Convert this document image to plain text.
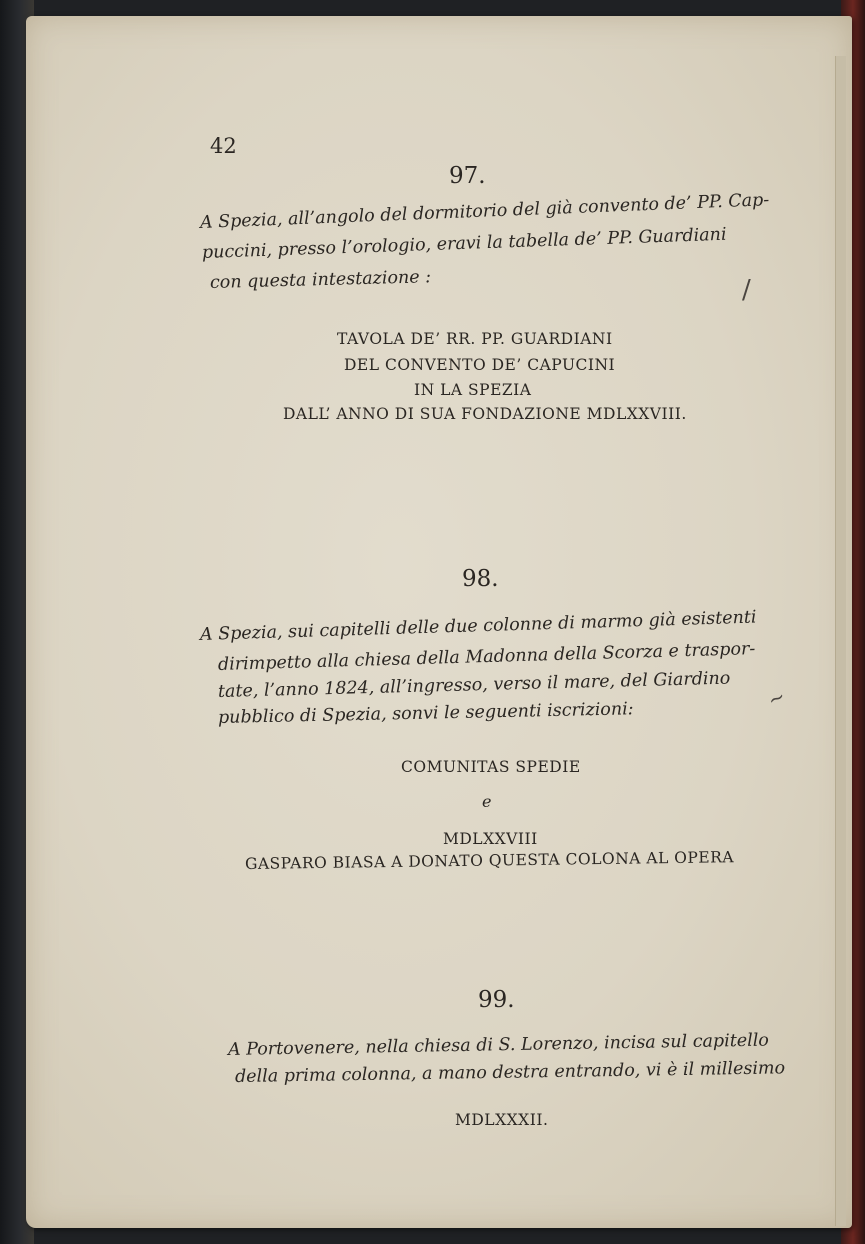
42
97.
A Spezia, all’angolo del dormitorio del già convento de’ PP. Cap-
puccini, presso l’orologio, eravi la tabella de’ PP. Guardiani
con questa intestazione :	/
TAVOLA DE’ RR. PP. GUARDIANI
DEL CONVENTO DE’ CAPUCINI
IN LA SPEZIA
DALL’ ANNO DI SUA FONDAZIONE MDLXXVIII.
98.
A Spezia, sui capitelli delle due colonne di marmo già esistenti
dirimpetto alla chiesa della Madonna della Scorza e traspor-
tate, l’anno 1824, all’ingresso, verso il mare, del Giardino
pubblico di Spezia, sonvi le seguenti iscrizioni:
~
COMUNITAS SPEDIE
e
MDLXXVIII
GASPARO BIASA A DONATO QUESTA COLONA AL OPERA
99.
A Portovenere, nella chiesa di S. Lorenzo, incisa sul capitello
della prima colonna, a mano destra entrando, vi è il millesimo
MDLXXXII.
